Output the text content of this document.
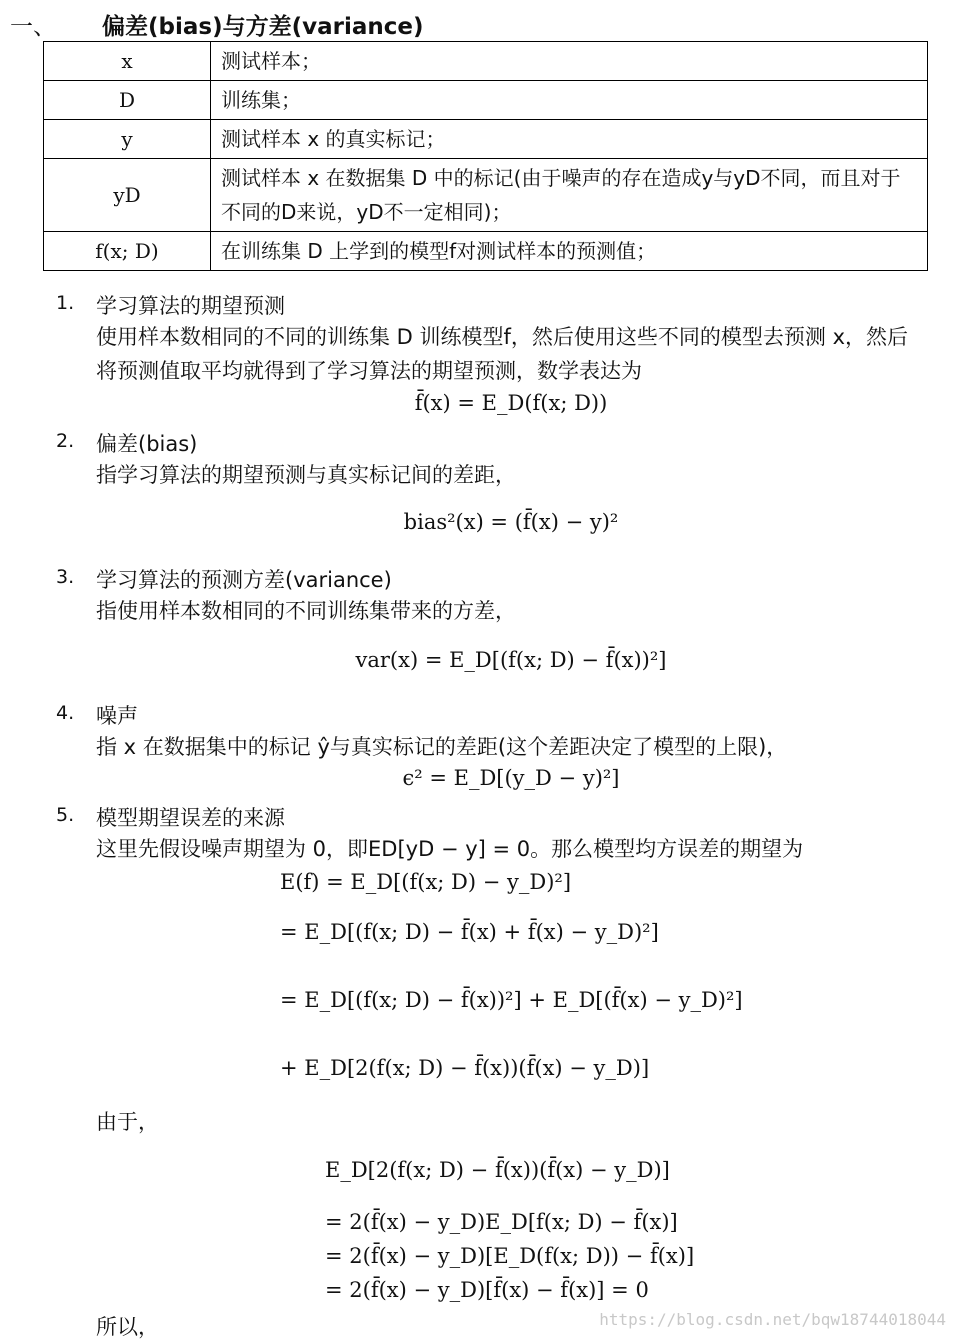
一、 偏差(bias)与方差(variance)
x	测试样本；
D	训练集；
y	测试样本 x 的真实标记；
yD	测试样本 x 在数据集 D 中的标记(由于噪声的存在造成y与yD不同，而且对于不同的D来说，yD不一定相同)；
f(x; D)	在训练集 D 上学到的模型f对测试样本的预测值；
1. 学习算法的期望预测
使用样本数相同的不同的训练集 D 训练模型f，然后使用这些不同的模型去预测 x，然后将预测值取平均就得到了学习算法的期望预测，数学表达为
f̄(x) = E_D(f(x; D))
2. 偏差(bias)
指学习算法的期望预测与真实标记间的差距，
bias²(x) = (f̄(x) − y)²
3. 学习算法的预测方差(variance)
指使用样本数相同的不同训练集带来的方差，
var(x) = E_D[(f(x; D) − f̄(x))²]
4. 噪声
指 x 在数据集中的标记 ŷ与真实标记的差距(这个差距决定了模型的上限)，
ϵ² = E_D[(y_D − y)²]
5. 模型期望误差的来源
这里先假设噪声期望为 0，即ED[yD − y] = 0。那么模型均方误差的期望为
E(f) = E_D[(f(x; D) − y_D)²]
= E_D[(f(x; D) − f̄(x) + f̄(x) − y_D)²]
= E_D[(f(x; D) − f̄(x))²] + E_D[(f̄(x) − y_D)²]
+ E_D[2(f(x; D) − f̄(x))(f̄(x) − y_D)]
由于，
E_D[2(f(x; D) − f̄(x))(f̄(x) − y_D)]
= 2(f̄(x) − y_D)E_D[f(x; D) − f̄(x)]
= 2(f̄(x) − y_D)[E_D(f(x; D)) − f̄(x)]
= 2(f̄(x) − y_D)[f̄(x) − f̄(x)] = 0
所以，	https://blog.csdn.net/bqw18744018044
